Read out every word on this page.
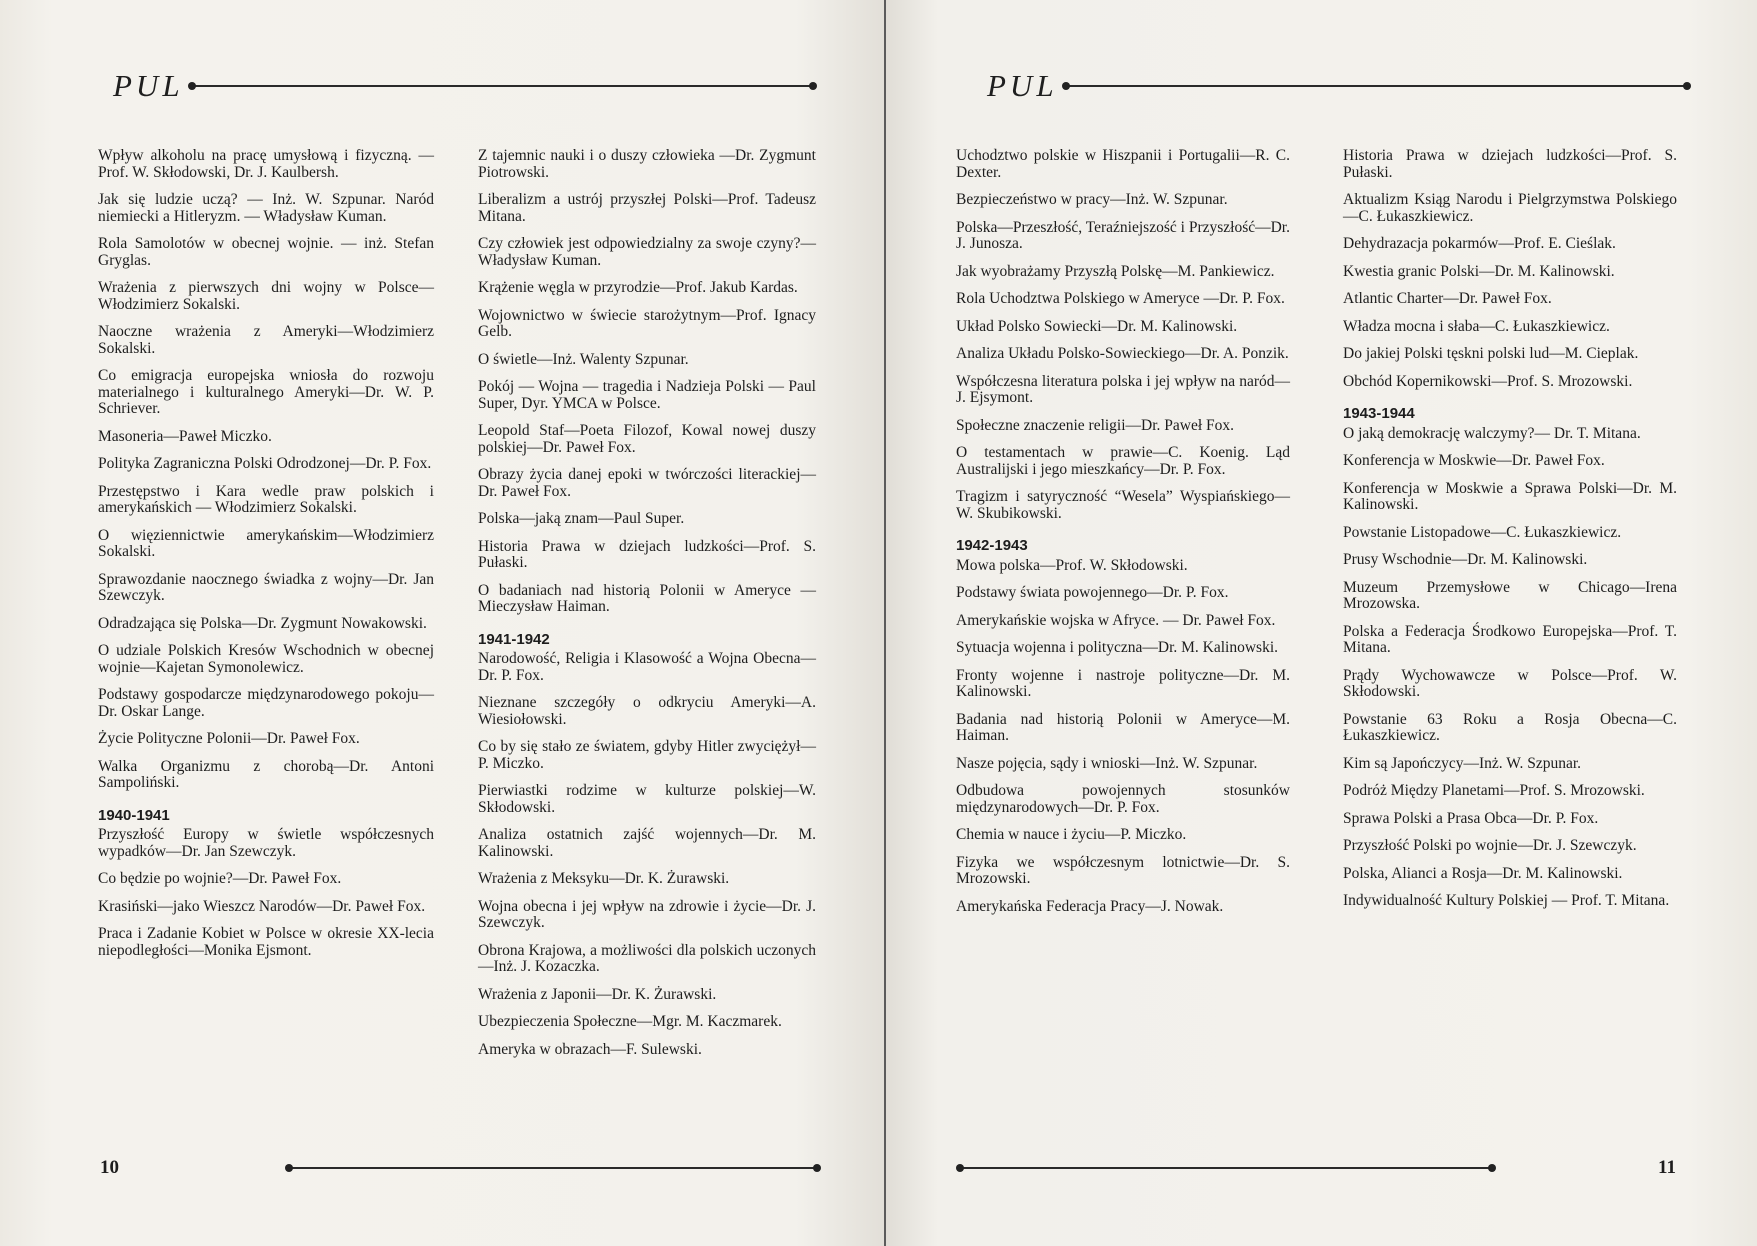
PUL
Wpływ alkoholu na pracę umysłową i fizyczną. — Prof. W. Skłodowski, Dr. J. Kaulbersh.
Jak się ludzie uczą? — Inż. W. Szpunar. Naród niemiecki a Hitleryzm. — Władysław Kuman.
Rola Samolotów w obecnej wojnie. — inż. Stefan Gryglas.
Wrażenia z pierwszych dni wojny w Polsce—Włodzimierz Sokalski.
Naoczne wrażenia z Ameryki—Włodzimierz Sokalski.
Co emigracja europejska wniosła do rozwoju materialnego i kulturalnego Ameryki—Dr. W. P. Schriever.
Masoneria—Paweł Miczko.
Polityka Zagraniczna Polski Odrodzonej—Dr. P. Fox.
Przestępstwo i Kara wedle praw polskich i amerykańskich — Włodzimierz Sokalski.
O więziennictwie amerykańskim—Włodzimierz Sokalski.
Sprawozdanie naocznego świadka z wojny—Dr. Jan Szewczyk.
Odradzająca się Polska—Dr. Zygmunt Nowakowski.
O udziale Polskich Kresów Wschodnich w obecnej wojnie—Kajetan Symonolewicz.
Podstawy gospodarcze międzynarodowego pokoju—Dr. Oskar Lange.
Życie Polityczne Polonii—Dr. Paweł Fox.
Walka Organizmu z chorobą—Dr. Antoni Sampoliński.
1940-1941
Przyszłość Europy w świetle współczesnych wypadków—Dr. Jan Szewczyk.
Co będzie po wojnie?—Dr. Paweł Fox.
Krasiński—jako Wieszcz Narodów—Dr. Paweł Fox.
Praca i Zadanie Kobiet w Polsce w okresie XX-lecia niepodległości—Monika Ejsmont.
Z tajemnic nauki i o duszy człowieka —Dr. Zygmunt Piotrowski.
Liberalizm a ustrój przyszłej Polski—Prof. Tadeusz Mitana.
Czy człowiek jest odpowiedzialny za swoje czyny?—Władysław Kuman.
Krążenie węgla w przyrodzie—Prof. Jakub Kardas.
Wojownictwo w świecie starożytnym—Prof. Ignacy Gelb.
O świetle—Inż. Walenty Szpunar.
Pokój — Wojna — tragedia i Nadzieja Polski — Paul Super, Dyr. YMCA w Polsce.
Leopold Staf—Poeta Filozof, Kowal nowej duszy polskiej—Dr. Paweł Fox.
Obrazy życia danej epoki w twórczości literackiej—Dr. Paweł Fox.
Polska—jaką znam—Paul Super.
Historia Prawa w dziejach ludzkości—Prof. S. Pułaski.
O badaniach nad historią Polonii w Ameryce — Mieczysław Haiman.
1941-1942
Narodowość, Religia i Klasowość a Wojna Obecna—Dr. P. Fox.
Nieznane szczegóły o odkryciu Ameryki—A. Wiesiołowski.
Co by się stało ze światem, gdyby Hitler zwyciężył—P. Miczko.
Pierwiastki rodzime w kulturze polskiej—W. Skłodowski.
Analiza ostatnich zajść wojennych—Dr. M. Kalinowski.
Wrażenia z Meksyku—Dr. K. Żurawski.
Wojna obecna i jej wpływ na zdrowie i życie—Dr. J. Szewczyk.
Obrona Krajowa, a możliwości dla polskich uczonych—Inż. J. Kozaczka.
Wrażenia z Japonii—Dr. K. Żurawski.
Ubezpieczenia Społeczne—Mgr. M. Kaczmarek.
Ameryka w obrazach—F. Sulewski.
10
PUL
Uchodztwo polskie w Hiszpanii i Portugalii—R. C. Dexter.
Bezpieczeństwo w pracy—Inż. W. Szpunar.
Polska—Przeszłość, Teraźniejszość i Przyszłość—Dr. J. Junosza.
Jak wyobrażamy Przyszłą Polskę—M. Pankiewicz.
Rola Uchodztwa Polskiego w Ameryce —Dr. P. Fox.
Układ Polsko Sowiecki—Dr. M. Kalinowski.
Analiza Układu Polsko-Sowieckiego—Dr. A. Ponzik.
Współczesna literatura polska i jej wpływ na naród—J. Ejsymont.
Społeczne znaczenie religii—Dr. Paweł Fox.
O testamentach w prawie—C. Koenig. Ląd Australijski i jego mieszkańcy—Dr. P. Fox.
Tragizm i satyryczność “Wesela” Wyspiańskiego—W. Skubikowski.
1942-1943
Mowa polska—Prof. W. Skłodowski.
Podstawy świata powojennego—Dr. P. Fox.
Amerykańskie wojska w Afryce. — Dr. Paweł Fox.
Sytuacja wojenna i polityczna—Dr. M. Kalinowski.
Fronty wojenne i nastroje polityczne—Dr. M. Kalinowski.
Badania nad historią Polonii w Ameryce—M. Haiman.
Nasze pojęcia, sądy i wnioski—Inż. W. Szpunar.
Odbudowa powojennych stosunków międzynarodowych—Dr. P. Fox.
Chemia w nauce i życiu—P. Miczko.
Fizyka we współczesnym lotnictwie—Dr. S. Mrozowski.
Amerykańska Federacja Pracy—J. Nowak.
Historia Prawa w dziejach ludzkości—Prof. S. Pułaski.
Aktualizm Ksiąg Narodu i Pielgrzymstwa Polskiego—C. Łukaszkiewicz.
Dehydrazacja pokarmów—Prof. E. Cieślak.
Kwestia granic Polski—Dr. M. Kalinowski.
Atlantic Charter—Dr. Paweł Fox.
Władza mocna i słaba—C. Łukaszkiewicz.
Do jakiej Polski tęskni polski lud—M. Cieplak.
Obchód Kopernikowski—Prof. S. Mrozowski.
1943-1944
O jaką demokrację walczymy?— Dr. T. Mitana.
Konferencja w Moskwie—Dr. Paweł Fox.
Konferencja w Moskwie a Sprawa Polski—Dr. M. Kalinowski.
Powstanie Listopadowe—C. Łukaszkiewicz.
Prusy Wschodnie—Dr. M. Kalinowski.
Muzeum Przemysłowe w Chicago—Irena Mrozowska.
Polska a Federacja Środkowo Europejska—Prof. T. Mitana.
Prądy Wychowawcze w Polsce—Prof. W. Skłodowski.
Powstanie 63 Roku a Rosja Obecna—C. Łukaszkiewicz.
Kim są Japończycy—Inż. W. Szpunar.
Podróż Między Planetami—Prof. S. Mrozowski.
Sprawa Polski a Prasa Obca—Dr. P. Fox.
Przyszłość Polski po wojnie—Dr. J. Szewczyk.
Polska, Alianci a Rosja—Dr. M. Kalinowski.
Indywidualność Kultury Polskiej — Prof. T. Mitana.
11
